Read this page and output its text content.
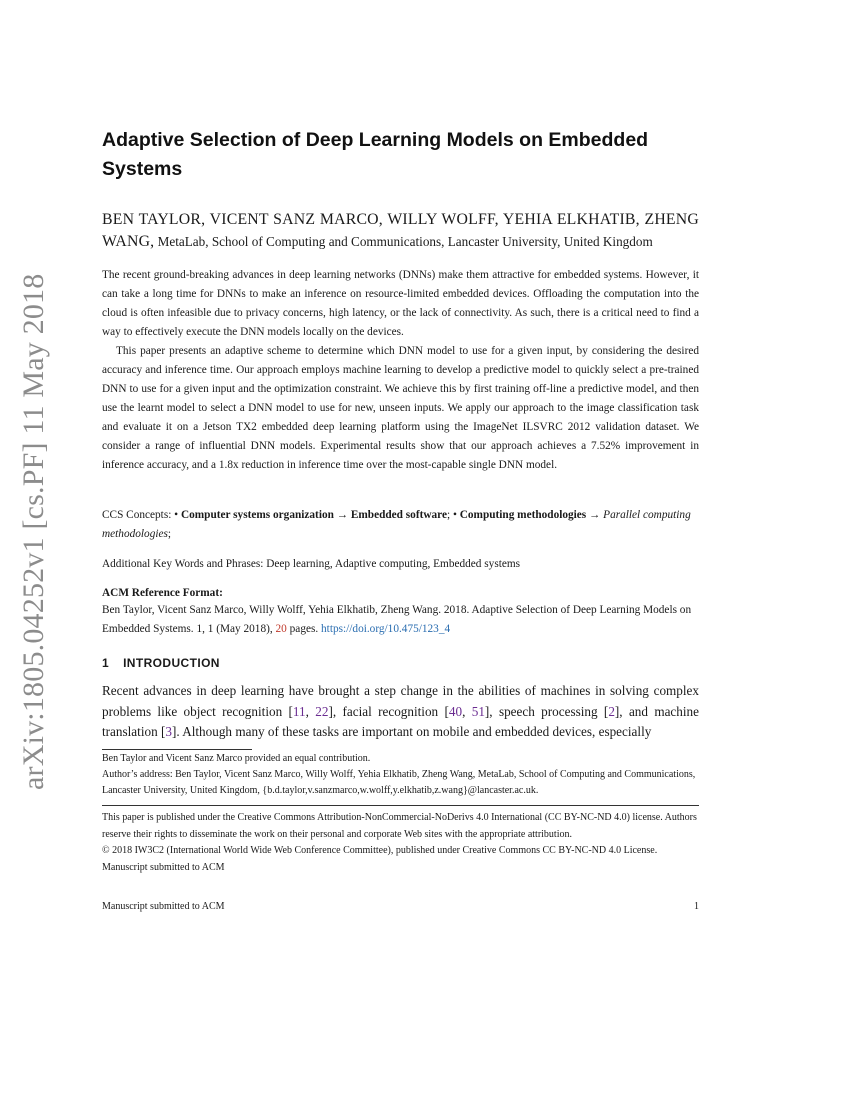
arXiv:1805.04252v1 [cs.PF] 11 May 2018
Adaptive Selection of Deep Learning Models on Embedded Systems
BEN TAYLOR, VICENT SANZ MARCO, WILLY WOLFF, YEHIA ELKHATIB, ZHENG WANG, MetaLab, School of Computing and Communications, Lancaster University, United Kingdom

The recent ground-breaking advances in deep learning networks (DNNs) make them attractive for embedded systems. However, it can take a long time for DNNs to make an inference on resource-limited embedded devices. Offloading the computation into the cloud is often infeasible due to privacy concerns, high latency, or the lack of connectivity. As such, there is a critical need to find a way to effectively execute the DNN models locally on the devices.

This paper presents an adaptive scheme to determine which DNN model to use for a given input, by considering the desired accuracy and inference time. Our approach employs machine learning to develop a predictive model to quickly select a pre-trained DNN to use for a given input and the optimization constraint. We achieve this by first training off-line a predictive model, and then use the learnt model to select a DNN model to use for new, unseen inputs. We apply our approach to the image classification task and evaluate it on a Jetson TX2 embedded deep learning platform using the ImageNet ILSVRC 2012 validation dataset. We consider a range of influential DNN models. Experimental results show that our approach achieves a 7.52% improvement in inference accuracy, and a 1.8x reduction in inference time over the most-capable single DNN model.

CCS Concepts: • Computer systems organization → Embedded software; • Computing methodologies → Parallel computing methodologies;
Additional Key Words and Phrases: Deep learning, Adaptive computing, Embedded systems
ACM Reference Format:
Ben Taylor, Vicent Sanz Marco, Willy Wolff, Yehia Elkhatib, Zheng Wang. 2018. Adaptive Selection of Deep Learning Models on Embedded Systems. 1, 1 (May 2018), 20 pages. https://doi.org/10.475/123_4
1 INTRODUCTION
Recent advances in deep learning have brought a step change in the abilities of machines in solving complex problems like object recognition [11, 22], facial recognition [40, 51], speech processing [2], and machine translation [3]. Although many of these tasks are important on mobile and embedded devices, especially
Ben Taylor and Vicent Sanz Marco provided an equal contribution.
Author’s address: Ben Taylor, Vicent Sanz Marco, Willy Wolff, Yehia Elkhatib, Zheng Wang, MetaLab, School of Computing and Communications, Lancaster University, United Kingdom, {b.d.taylor,v.sanzmarco,w.wolff,y.elkhatib,z.wang}@lancaster.ac.uk.
This paper is published under the Creative Commons Attribution-NonCommercial-NoDerivs 4.0 International (CC BY-NC-ND 4.0) license. Authors reserve their rights to disseminate the work on their personal and corporate Web sites with the appropriate attribution.
© 2018 IW3C2 (International World Wide Web Conference Committee), published under Creative Commons CC BY-NC-ND 4.0 License.
Manuscript submitted to ACM
Manuscript submitted to ACM	1
